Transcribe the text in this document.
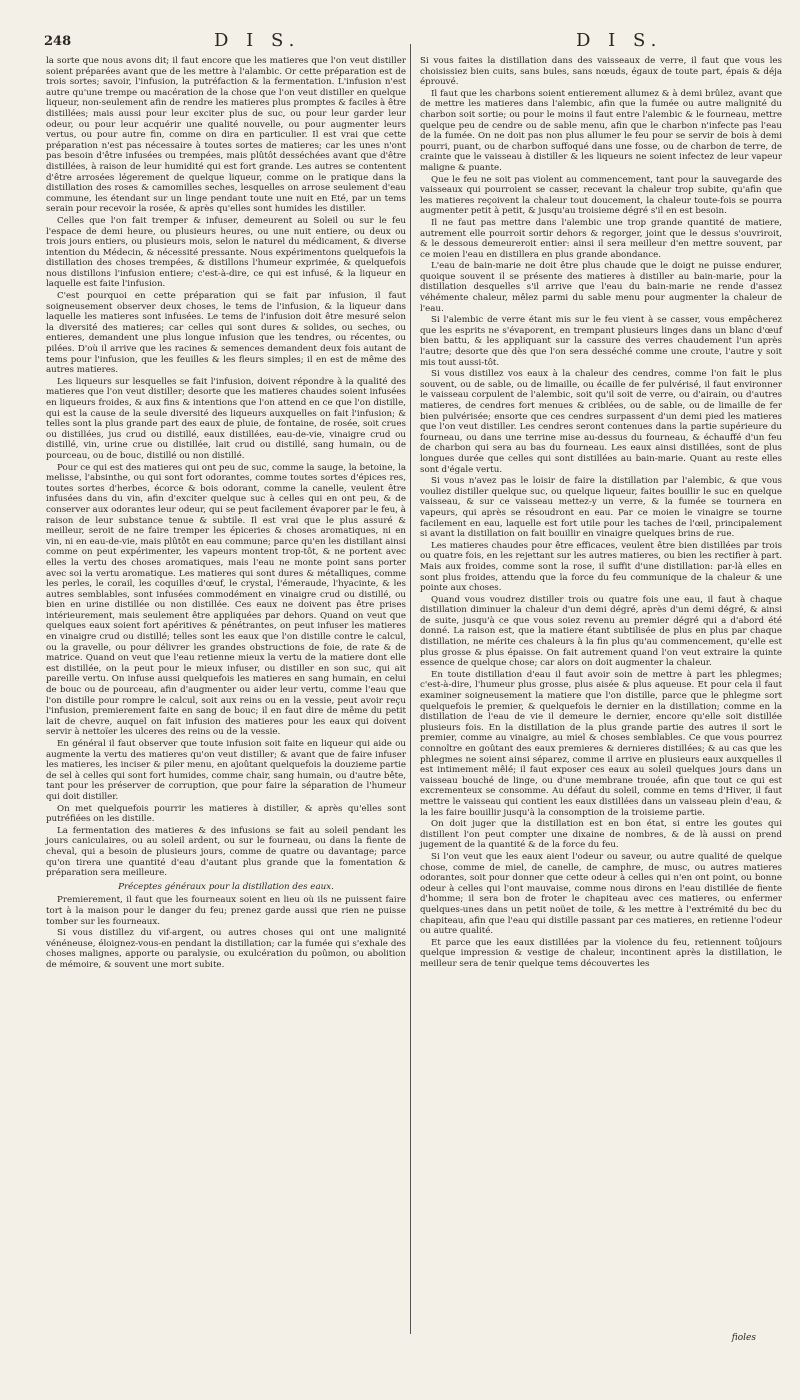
248	D I S.	D I S.

la sorte que nous avons dit; il faut encore que les matieres que l'on veut distiller soient préparées avant que de les mettre à l'alambic. Or cette préparation est de trois sortes; savoir, l'infusion, la putréfaction & la fermentation. L'infusion n'est autre qu'une trempe ou macération de la chose que l'on veut distiller en quelque liqueur, non-seulement afin de rendre les matieres plus promptes & faciles à être distillées; mais aussi pour leur exciter plus de suc, ou pour leur garder leur odeur, ou pour leur acquérir une qualité nouvelle, ou pour augmenter leurs vertus, ou pour autre fin, comme on dira en particulier. Il est vrai que cette préparation n'est pas nécessaire à toutes sortes de matieres; car les unes n'ont pas besoin d'être infusées ou trempées, mais plûtôt desséchées avant que d'être distillées, à raison de leur humidité qui est fort grande. Les autres se contentent d'être arrosées légerement de quelque liqueur, comme on le pratique dans la distillation des roses & camomilles seches, lesquelles on arrose seulement d'eau commune, les étendant sur un linge pendant toute une nuit en Eté, par un tems serain pour recevoir la rosée, & après qu'elles sont humides les distiller.

Celles que l'on fait tremper & infuser, demeurent au Soleil ou sur le feu l'espace de demi heure, ou plusieurs heures, ou une nuit entiere, ou deux ou trois jours entiers, ou plusieurs mois, selon le naturel du médicament, & diverse intention du Médecin, & nécessité pressante. Nous expérimentons quelquefois la distillation des choses trempées, & distillons l'humeur exprimée, & quelquefois nous distillons l'infusion entiere; c'est-à-dire, ce qui est infusé, & la liqueur en laquelle est faite l'infusion.

C'est pourquoi en cette préparation qui se fait par infusion, il faut soigneusement observer deux choses, le tems de l'infusion, & la liqueur dans laquelle les matieres sont infusées. Le tems de l'infusion doit être mesuré selon la diversité des matieres; car celles qui sont dures & solides, ou seches, ou entieres, demandent une plus longue infusion que les tendres, ou récentes, ou pilées. D'où il arrive que les racines & semences demandent deux fois autant de tems pour l'infusion, que les feuilles & les fleurs simples; il en est de même des autres matieres.

Les liqueurs sur lesquelles se fait l'infusion, doivent répondre à la qualité des matieres que l'on veut distiller; desorte que les matieres chaudes soient infusées en liqueurs froides, & aux fins & intentions que l'on attend en ce que l'on distille, qui est la cause de la seule diversité des liqueurs auxquelles on fait l'infusion; & telles sont la plus grande part des eaux de pluie, de fontaine, de rosée, soit crues ou distillées, jus crud ou distillé, eaux distillées, eau-de-vie, vinaigre crud ou distillé, vin, urine crue ou distillée, lait crud ou distillé, sang humain, ou de pourceau, ou de bouc, distillé ou non distillé.

Pour ce qui est des matieres qui ont peu de suc, comme la sauge, la betoine, la melisse, l'absinthe, ou qui sont fort odorantes, comme toutes sortes d'épices res, toutes sortes d'herbes, écorce & bois odorant, comme la canelle, veulent être infusées dans du vin, afin d'exciter quelque suc à celles qui en ont peu, & de conserver aux odorantes leur odeur, qui se peut facilement évaporer par le feu, à raison de leur substance tenue & subtile. Il est vrai que le plus assuré & meilleur, seroit de ne faire tremper les épiceries & choses aromatiques, ni en vin, ni en eau-de-vie, mais plûtôt en eau commune; parce qu'en les distillant ainsi comme on peut expérimenter, les vapeurs montent trop-tôt, & ne portent avec elles la vertu des choses aromatiques, mais l'eau ne monte point sans porter avec soi la vertu aromatique. Les matieres qui sont dures & métalliques, comme les perles, le corail, les coquilles d'œuf, le crystal, l'émeraude, l'hyacinte, & les autres semblables, sont infusées commodément en vinaigre crud ou distillé, ou bien en urine distillée ou non distillée. Ces eaux ne doivent pas être prises intérieurement, mais seulement être appliquées par dehors. Quand on veut que quelques eaux soient fort apéritives & pénétrantes, on peut infuser les matieres en vinaigre crud ou distillé; telles sont les eaux que l'on distille contre le calcul, ou la gravelle, ou pour délivrer les grandes obstructions de foie, de rate & de matrice. Quand on veut que l'eau retienne mieux la vertu de la matiere dont elle est distillée, on la peut pour le mieux infuser, ou distiller en son suc, qui ait pareille vertu. On infuse aussi quelquefois les matieres en sang humain, en celui de bouc ou de pourceau, afin d'augmenter ou aider leur vertu, comme l'eau que l'on distille pour rompre le calcul, soit aux reins ou en la vessie, peut avoir reçu l'infusion, premierement faite en sang de bouc; il en faut dire de même du petit lait de chevre, auquel on fait infusion des matieres pour les eaux qui doivent servir à nettoïer les ulceres des reins ou de la vessie.

En général il faut observer que toute infusion soit faite en liqueur qui aide ou augmente la vertu des matieres qu'on veut distiller; & avant que de faire infuser les matieres, les inciser & piler menu, en ajoûtant quelquefois la douzieme partie de sel à celles qui sont fort humides, comme chair, sang humain, ou d'autre bête, tant pour les préserver de corruption, que pour faire la séparation de l'humeur qui doit distiller.

On met quelquefois pourrir les matieres à distiller, & après qu'elles sont putréfiées on les distille.

La fermentation des matieres & des infusions se fait au soleil pendant les jours caniculaires, ou au soleil ardent, ou sur le fourneau, ou dans la fiente de cheval, qui a besoin de plusieurs jours, comme de quatre ou davantage; parce qu'on tirera une quantité d'eau d'autant plus grande que la fomentation & préparation sera meilleure.

Préceptes généraux pour la distillation des eaux.

Premierement, il faut que les fourneaux soient en lieu où ils ne puissent faire tort à la maison pour le danger du feu; prenez garde aussi que rien ne puisse tomber sur les fourneaux.

Si vous distillez du vif-argent, ou autres choses qui ont une malignité vénéneuse, éloignez-vous-en pendant la distillation; car la fumée qui s'exhale des choses malignes, apporte ou paralysie, ou exulcération du poûmon, ou abolition de mémoire, & souvent une mort subite.

Si vous faites la distillation dans des vaisseaux de verre, il faut que vous les choisissiez bien cuits, sans bules, sans nœuds, égaux de toute part, épais & déja éprouvé.

Il faut que les charbons soient entierement allumez & à demi brûlez, avant que de mettre les matieres dans l'alembic, afin que la fumée ou autre malignité du charbon soit sortie; ou pour le moins il faut entre l'alembic & le fourneau, mettre quelque peu de cendre ou de sable menu, afin que le charbon n'infecte pas l'eau de la fumée. On ne doit pas non plus allumer le feu pour se servir de bois à demi pourri, puant, ou de charbon suffoqué dans une fosse, ou de charbon de terre, de crainte que le vaisseau à distiller & les liqueurs ne soient infectez de leur vapeur maligne & puante.

Que le feu ne soit pas violent au commencement, tant pour la sauvegarde des vaisseaux qui pourroient se casser, recevant la chaleur trop subite, qu'afin que les matieres reçoivent la chaleur tout doucement, la chaleur toute-fois se pourra augmenter petit à petit, & jusqu'au troisieme dégré s'il en est besoin.

Il ne faut pas mettre dans l'alembic une trop grande quantité de matiere, autrement elle pourroit sortir dehors & regorger, joint que le dessus s'ouvriroit, & le dessous demeureroit entier: ainsi il sera meilleur d'en mettre souvent, par ce moien l'eau en distillera en plus grande abondance.

L'eau de bain-marie ne doit être plus chaude que le doigt ne puisse endurer, quoique souvent il se présente des matieres à distiller au bain-marie, pour la distillation desquelles s'il arrive que l'eau du bain-marie ne rende d'assez véhémente chaleur, mêlez parmi du sable menu pour augmenter la chaleur de l'eau.

Si l'alembic de verre étant mis sur le feu vient à se casser, vous empêcherez que les esprits ne s'évaporent, en trempant plusieurs linges dans un blanc d'œuf bien battu, & les appliquant sur la cassure des verres chaudement l'un après l'autre; desorte que dès que l'on sera desséché comme une croute, l'autre y soit mis tout aussi-tôt.

Si vous distillez vos eaux à la chaleur des cendres, comme l'on fait le plus souvent, ou de sable, ou de limaille, ou écaille de fer pulvérisé, il faut environner le vaisseau corpulent de l'alembic, soit qu'il soit de verre, ou d'airain, ou d'autres matieres, de cendres fort menues & criblées, ou de sable, ou de limaille de fer bien pulvérisée; ensorte que ces cendres surpassent d'un demi pied les matieres que l'on veut distiller. Les cendres seront contenues dans la partie supérieure du fourneau, ou dans une terrine mise au-dessus du fourneau, & échauffé d'un feu de charbon qui sera au bas du fourneau. Les eaux ainsi distillées, sont de plus longues durée que celles qui sont distillées au bain-marie. Quant au reste elles sont d'égale vertu.

Si vous n'avez pas le loisir de faire la distillation par l'alembic, & que vous vouliez distiller quelque suc, ou quelque liqueur, faites bouillir le suc en quelque vaisseau, & sur ce vaisseau mettez-y un verre, & la fumée se tournera en vapeurs, qui après se résoudront en eau. Par ce moien le vinaigre se tourne facilement en eau, laquelle est fort utile pour les taches de l'œil, principalement si avant la distillation on fait bouillir en vinaigre quelques brins de rue.

Les matieres chaudes pour être efficaces, veulent être bien distillées par trois ou quatre fois, en les rejettant sur les autres matieres, ou bien les rectifier à part. Mais aux froides, comme sont la rose, il suffit d'une distillation: par-là elles en sont plus froides, attendu que la force du feu communique de la chaleur & une pointe aux choses.

Quand vous voudrez distiller trois ou quatre fois une eau, il faut à chaque distillation diminuer la chaleur d'un demi dégré, après d'un demi dégré, & ainsi de suite, jusqu'à ce que vous soiez revenu au premier dégré qui a d'abord été donné. La raison est, que la matiere étant subtilisée de plus en plus par chaque distillation, ne mérite ces chaleurs à la fin plus qu'au commencement, qu'elle est plus grosse & plus épaisse. On fait autrement quand l'on veut extraire la quinte essence de quelque chose; car alors on doit augmenter la chaleur.

En toute distillation d'eau il faut avoir soin de mettre à part les phlegmes; c'est-à-dire, l'humeur plus grosse, plus aisée & plus aqueuse. Et pour cela il faut examiner soigneusement la matiere que l'on distille, parce que le phlegme sort quelquefois le premier, & quelquefois le dernier en la distillation; comme en la distillation de l'eau de vie il demeure le dernier, encore qu'elle soit distillée plusieurs fois. En la distillation de la plus grande partie des autres il sort le premier, comme au vinaigre, au miel & choses semblables. Ce que vous pourrez connoître en goûtant des eaux premieres & dernieres distillées; & au cas que les phlegmes ne soient ainsi séparez, comme il arrive en plusieurs eaux auxquelles il est intimement mêlé; il faut exposer ces eaux au soleil quelques jours dans un vaisseau bouché de linge, ou d'une membrane trouée, afin que tout ce qui est excrementeux se consomme. Au défaut du soleil, comme en tems d'Hiver, il faut mettre le vaisseau qui contient les eaux distillées dans un vaisseau plein d'eau, & la les faire bouillir jusqu'à la consomption de la troisieme partie.

On doit juger que la distillation est en bon état, si entre les goutes qui distillent l'on peut compter une dixaine de nombres, & de là aussi on prend jugement de la quantité & de la force du feu.

Si l'on veut que les eaux aient l'odeur ou saveur, ou autre qualité de quelque chose, comme de miel, de canelle, de camphre, de musc, ou autres matieres odorantes, soit pour donner que cette odeur à celles qui n'en ont point, ou bonne odeur à celles qui l'ont mauvaise, comme nous dirons en l'eau distillée de fiente d'homme; il sera bon de froter le chapiteau avec ces matieres, ou enfermer quelques-unes dans un petit noüet de toile, & les mettre à l'extrémité du bec du chapiteau, afin que l'eau qui distille passant par ces matieres, en retienne l'odeur ou autre qualité.

Et parce que les eaux distillées par la violence du feu, retiennent toûjours quelque impression & vestige de chaleur, incontinent après la distillation, le meilleur sera de tenir quelque tems découvertes les

fioles
